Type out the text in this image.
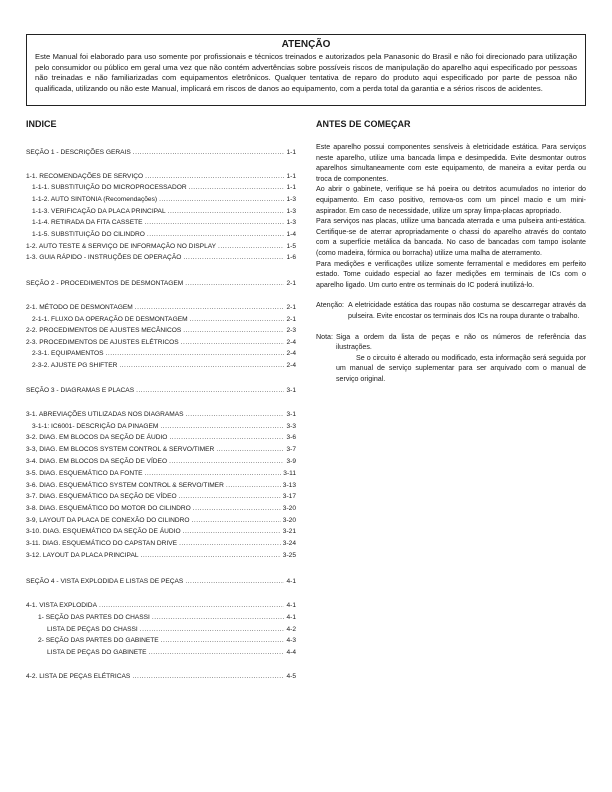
ATENÇÃO
Este Manual foi elaborado para uso somente por profissionais e técnicos treinados e autorizados pela Panasonic do Brasil e não foi direcionado para utilização pelo consumidor ou público em geral uma vez que não contém advertências sobre possíveis riscos de manipulação do aparelho aqui especificado por pessoas não treinadas e não familiarizadas com equipamentos eletrônicos. Qualquer tentativa de reparo do produto aqui especificado por parte de pessoa não qualificada, utilizando ou não este Manual, implicará em riscos de danos ao equipamento, com a perda total da garantia e a sérios riscos de acidentes.
INDICE	ANTES DE COMEÇAR
SEÇÃO 1 - DESCRIÇÕES GERAIS .....	1-1
1-1. RECOMENDAÇÕES DE SERVIÇO .....	1-1
1-1-1. SUBSTITUIÇÃO DO MICROPROCESSADOR .....	1-1
1-1-2. AUTO SINTONIA (Recomendações) .....	1-3
1-1-3. VERIFICAÇÃO DA PLACA PRINCIPAL .....	1-3
1-1-4. RETIRADA DA FITA CASSETE .....	1-3
1-1-5. SUBSTITUIÇÃO DO CILINDRO .....	1-4
1-2. AUTO TESTE & SERVIÇO DE INFORMAÇÃO NO DISPLAY .....	1-5
1-3. GUIA RÁPIDO - INSTRUÇÕES DE OPERAÇÃO .....	1-6
SEÇÃO 2 - PROCEDIMENTOS DE DESMONTAGEM .....	2-1
2-1. MÉTODO DE DESMONTAGEM .....	2-1
2-1-1. FLUXO DA OPERAÇÃO DE DESMONTAGEM .....	2-1
2-2. PROCEDIMENTOS DE AJUSTES MECÂNICOS .....	2-3
2-3. PROCEDIMENTOS DE AJUSTES ELÉTRICOS .....	2-4
2-3-1. EQUIPAMENTOS .....	2-4
2-3-2. AJUSTE PG SHIFTER .....	2-4
SEÇÃO 3 - DIAGRAMAS E PLACAS .....	3-1
3-1. ABREVIAÇÕES UTILIZADAS NOS DIAGRAMAS .....	3-1
3-1-1: IC6001- DESCRIÇÃO DA PINAGEM .....	3-3
3-2. DIAG. EM BLOCOS DA SEÇÃO DE ÁUDIO .....	3-6
3-3, DIAG. EM BLOCOS SYSTEM CONTROL & SERVO/TIMER .....	3-7
3-4. DIAG. EM BLOCOS DA SEÇÃO DE VÍDEO .....	3-9
3-5. DIAG. ESQUEMÁTICO DA FONTE .....	3-11
3-6. DIAG. ESQUEMÁTICO SYSTEM CONTROL & SERVO/TIMER .....	3-13
3-7. DIAG. ESQUEMÁTICO DA SEÇÃO DE VÍDEO .....	3-17
3-8. DIAG. ESQUEMÁTICO DO MOTOR DO CILINDRO .....	3-20
3-9, LAYOUT DA PLACA DE CONEXÃO DO CILINDRO .....	3-20
3-10. DIAG. ESQUEMÁTICO DA SEÇÃO DE ÁUDIO .....	3-21
3-11. DIAG. ESQUEMÁTICO DO CAPSTAN DRIVE .....	3-24
3-12. LAYOUT DA PLACA PRINCIPAL .....	3-25
SEÇÃO 4 - VISTA EXPLODIDA E LISTAS DE PEÇAS .....	4-1
4-1. VISTA EXPLODIDA .....	4-1
1- SEÇÃO DAS PARTES DO CHASSI .....	4-1
LISTA DE PEÇAS DO CHASSI .....	4-2
2- SEÇÃO DAS PARTES DO GABINETE .....	4-3
LISTA DE PEÇAS DO GABINETE .....	4-4
4-2. LISTA DE PEÇAS ELÉTRICAS .....	4-5

Este aparelho possui componentes sensíveis à eletricidade estática. Para serviços neste aparelho, utilize uma bancada limpa e desimpedida. Evite desmontar outros aparelhos simultaneamente com este equipamento, de maneira a evitar perda ou troca de componentes.

Ao abrir o gabinete, verifique se há poeira ou detritos acumulados no interior do equipamento. Em caso positivo, remova-os com um pincel macio e um mini-aspirador. Em caso de necessidade, utilize um spray limpa-placas apropriado.

Para serviços nas placas, utilize uma bancada aterrada e uma pulseira anti-estática. Certifique-se de aterrar apropriadamente o chassi do aparelho através do contato com a superfície metálica da bancada. No caso de bancadas com tampo isolante (como madeira, fórmica ou borracha) utilize uma malha de aterramento.

Para medições e verificações utilize somente ferramental e medidores em perfeito estado. Tome cuidado especial ao fazer medições em terminais de ICs com o aparelho ligado. Um curto entre os terminais do IC poderá inutilizá-lo.

Atenção: A eletricidade estática das roupas não costuma se descarregar através da pulseira. Evite encostar os terminais dos ICs na roupa durante o trabalho.
Nota: Siga a ordem da lista de peças e não os números de referência das ilustrações.
Se o circuito é alterado ou modificado, esta informação será seguida por um manual de serviço suplementar para ser arquivado com o manual de serviço original.
